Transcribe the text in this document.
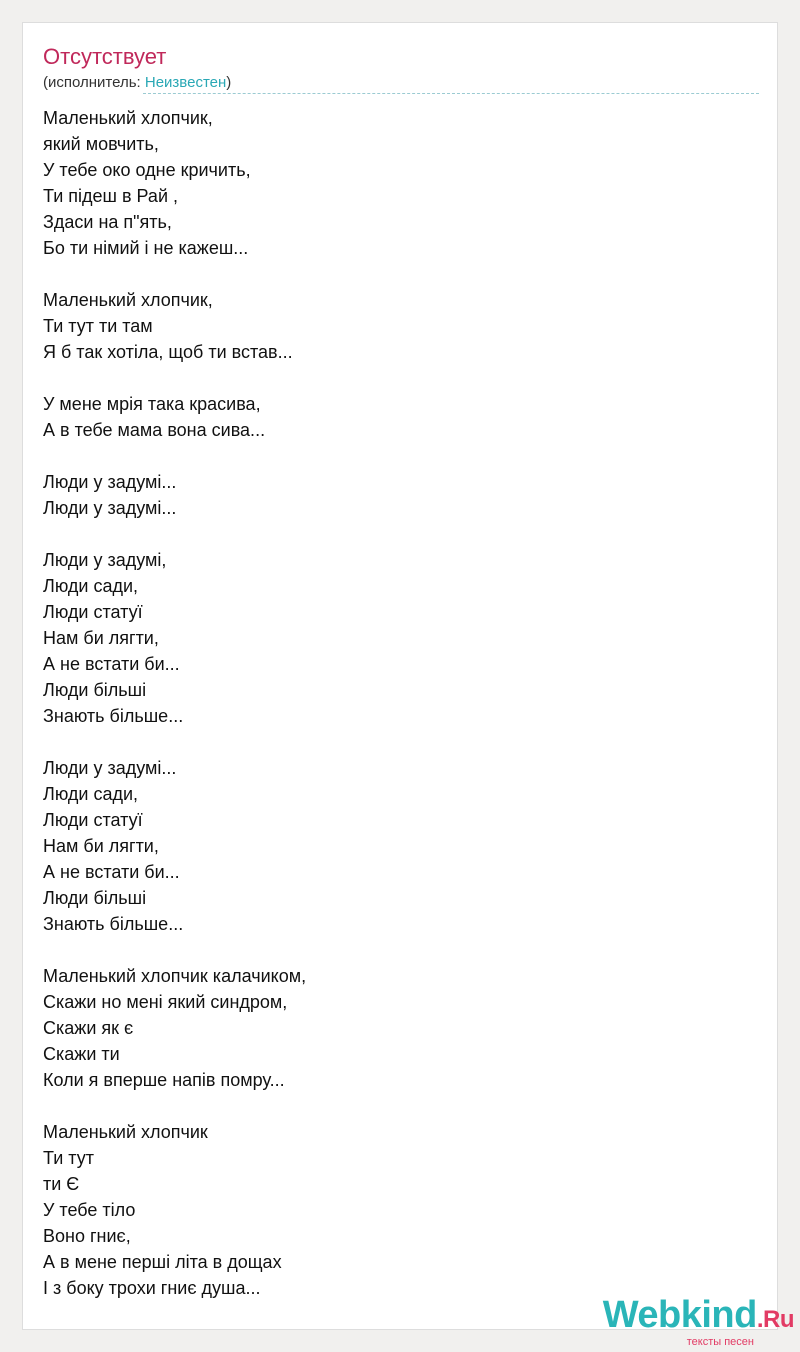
Отсутствует
(исполнитель: Неизвестен)
Маленький хлопчик,
який мовчить,
У тебе око одне кричить,
Ти підеш в Рай ,
Здаси на п"ять,
Бо ти німий і не кажеш...
Маленький хлопчик,
Ти тут ти там
Я б так хотіла, щоб ти встав...
У мене мрія така красива,
А в тебе мама вона сива...
Люди у задумі...
Люди у задумі...
Люди у задумі,
Люди сади,
Люди статуї
Нам би лягти,
А не встати би...
Люди більші
Знають більше...
Люди у задумі...
Люди сади,
Люди статуї
Нам би лягти,
А не встати би...
Люди більші
Знають більше...
Маленький хлопчик калачиком,
Скажи но мені який синдром,
Скажи як є
Скажи ти
Коли я вперше напів помру...
Маленький хлопчик
Ти тут
ти Є
У тебе тіло
Воно гниє,
А в мене перші літа в дощах
І з боку трохи гниє душа...
Webkind.Ru
тексты песен
